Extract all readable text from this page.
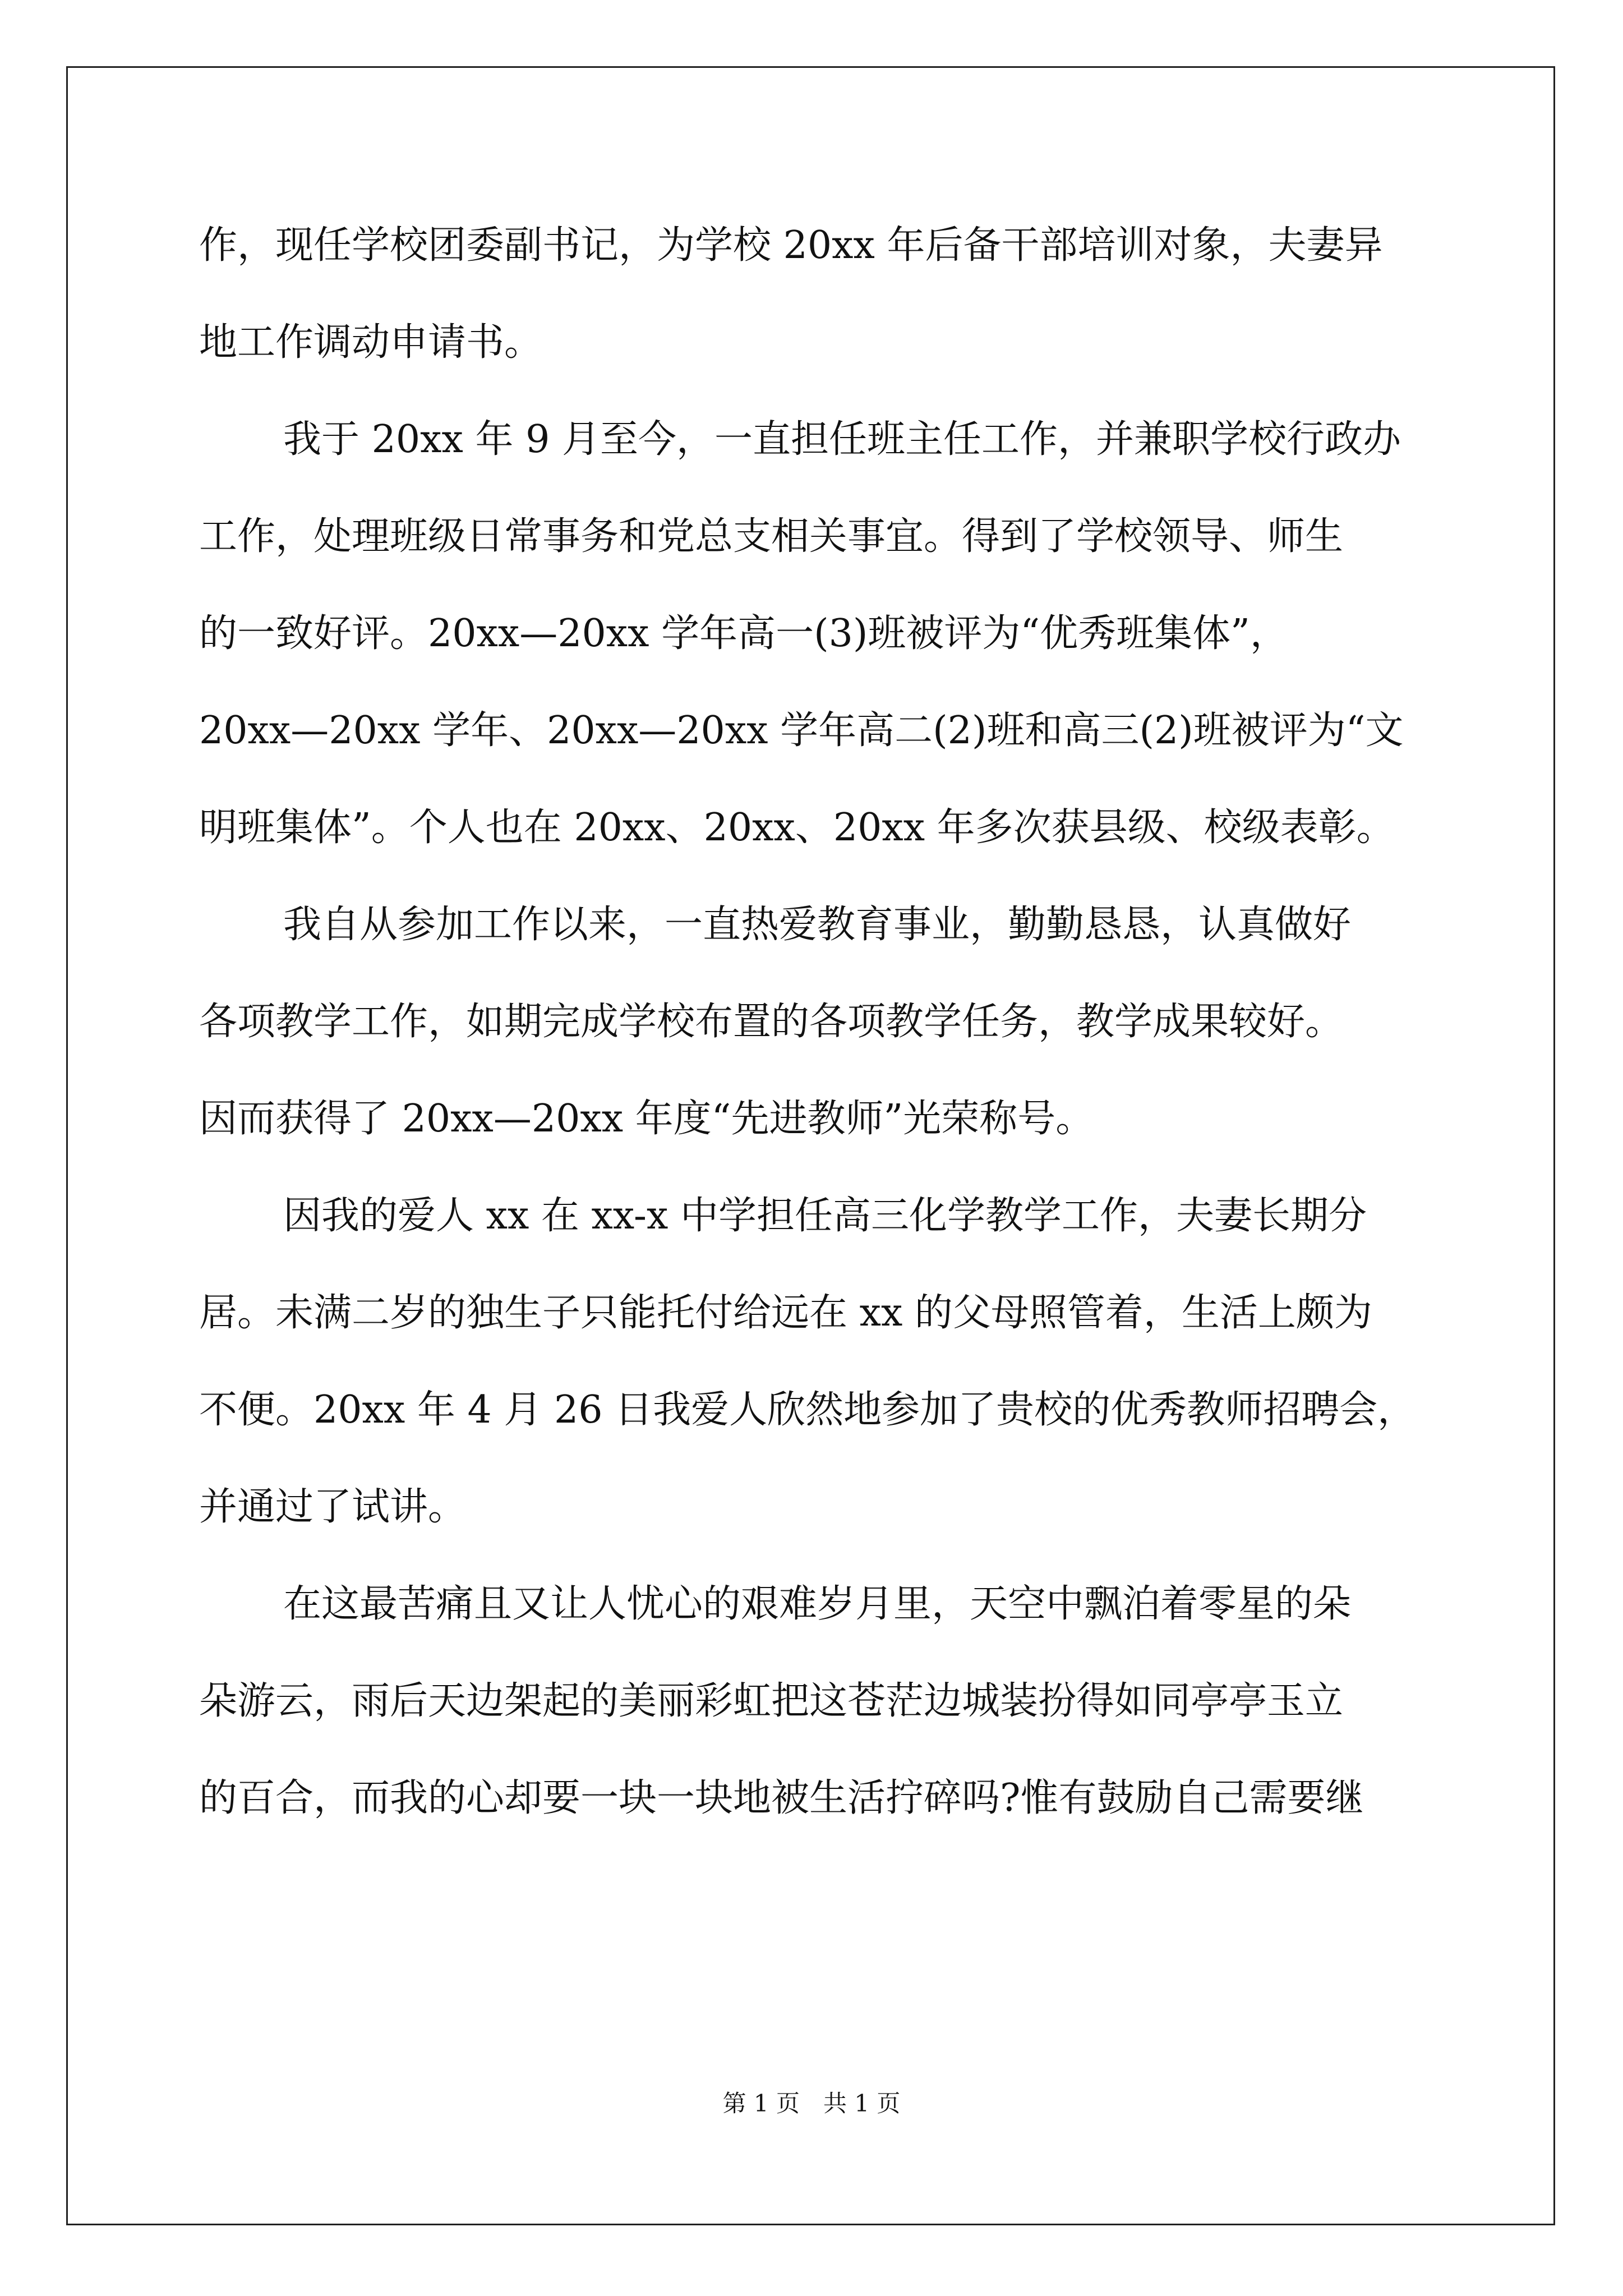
作，现任学校团委副书记，为学校 20xx 年后备干部培训对象，夫妻异
地工作调动申请书。
我于 20xx 年 9 月至今，一直担任班主任工作，并兼职学校行政办
工作，处理班级日常事务和党总支相关事宜。得到了学校领导、师生
的一致好评。20xx—20xx 学年高一(3)班被评为“优秀班集体”，
20xx—20xx 学年、20xx—20xx 学年高二(2)班和高三(2)班被评为“文
明班集体”。个人也在 20xx、20xx、20xx 年多次获县级、校级表彰。
我自从参加工作以来，一直热爱教育事业，勤勤恳恳，认真做好
各项教学工作，如期完成学校布置的各项教学任务，教学成果较好。
因而获得了 20xx—20xx 年度“先进教师”光荣称号。
因我的爱人 xx 在 xx-x 中学担任高三化学教学工作，夫妻长期分
居。未满二岁的独生子只能托付给远在 xx 的父母照管着，生活上颇为
不便。20xx 年 4 月 26 日我爱人欣然地参加了贵校的优秀教师招聘会，
并通过了试讲。
在这最苦痛且又让人忧心的艰难岁月里，天空中飘泊着零星的朵
朵游云，雨后天边架起的美丽彩虹把这苍茫边城装扮得如同亭亭玉立
的百合，而我的心却要一块一块地被生活拧碎吗?惟有鼓励自己需要继
第 1 页　共 1 页
